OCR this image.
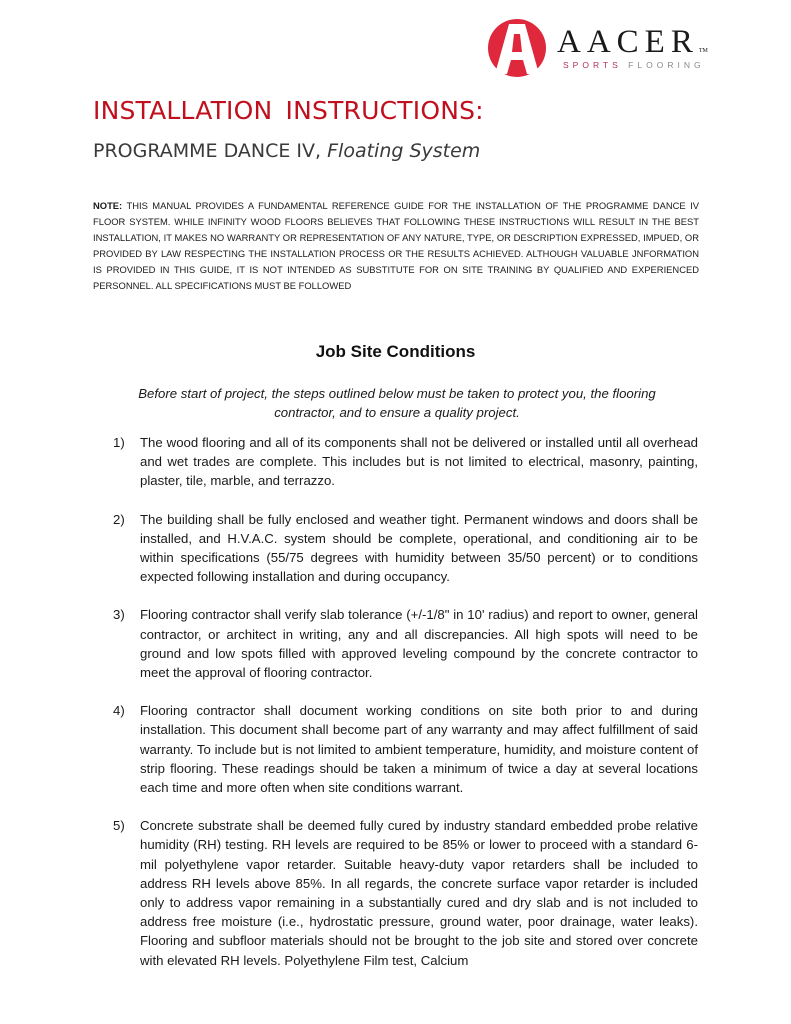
AACERTM
SPORTS FLOORING
INSTALLATION INSTRUCTIONS:
PROGRAMME DANCE IV, Floating System
NOTE: THIS MANUAL PROVIDES A FUNDAMENTAL REFERENCE GUIDE FOR THE INSTALLATION OF THE PROGRAMME DANCE IV FLOOR SYSTEM. WHILE INFINITY WOOD FLOORS BELIEVES THAT FOLLOWING THESE INSTRUCTIONS WILL RESULT IN THE BEST INSTALLATION, IT MAKES NO WARRANTY OR REPRESENTATION OF ANY NATURE, TYPE, OR DESCRIPTION EXPRESSED, IMPUED, OR PROVIDED BY LAW RESPECTING THE INSTALLATION PROCESS OR THE RESULTS ACHIEVED. ALTHOUGH VALUABLE JNFORMATION IS PROVIDED IN THIS GUIDE, IT IS NOT INTENDED AS SUBSTITUTE FOR ON SITE TRAINING BY QUALIFIED AND EXPERIENCED PERSONNEL. ALL SPECIFICATIONS MUST BE FOLLOWED
Job Site Conditions
Before start of project, the steps outlined below must be taken to protect you, the flooring contractor, and to ensure a quality project.
1) The wood flooring and all of its components shall not be delivered or installed until all overhead and wet trades are complete. This includes but is not limited to electrical, masonry, painting, plaster, tile, marble, and terrazzo.
2) The building shall be fully enclosed and weather tight. Permanent windows and doors shall be installed, and H.V.A.C. system should be complete, operational, and conditioning air to be within specifications (55/75 degrees with humidity between 35/50 percent) or to conditions expected following installation and during occupancy.
3) Flooring contractor shall verify slab tolerance (+/-1/8" in 10' radius) and report to owner, general contractor, or architect in writing, any and all discrepancies. All high spots will need to be ground and low spots filled with approved leveling compound by the concrete contractor to meet the approval of flooring contractor.
4) Flooring contractor shall document working conditions on site both prior to and during installation. This document shall become part of any warranty and may affect fulfillment of said warranty. To include but is not limited to ambient temperature, humidity, and moisture content of strip flooring. These readings should be taken a minimum of twice a day at several locations each time and more often when site conditions warrant.
5) Concrete substrate shall be deemed fully cured by industry standard embedded probe relative humidity (RH) testing. RH levels are required to be 85% or lower to proceed with a standard 6-mil polyethylene vapor retarder. Suitable heavy-duty vapor retarders shall be included to address RH levels above 85%. In all regards, the concrete surface vapor retarder is included only to address vapor remaining in a substantially cured and dry slab and is not included to address free moisture (i.e., hydrostatic pressure, ground water, poor drainage, water leaks). Flooring and subfloor materials should not be brought to the job site and stored over concrete with elevated RH levels. Polyethylene Film test, Calcium
